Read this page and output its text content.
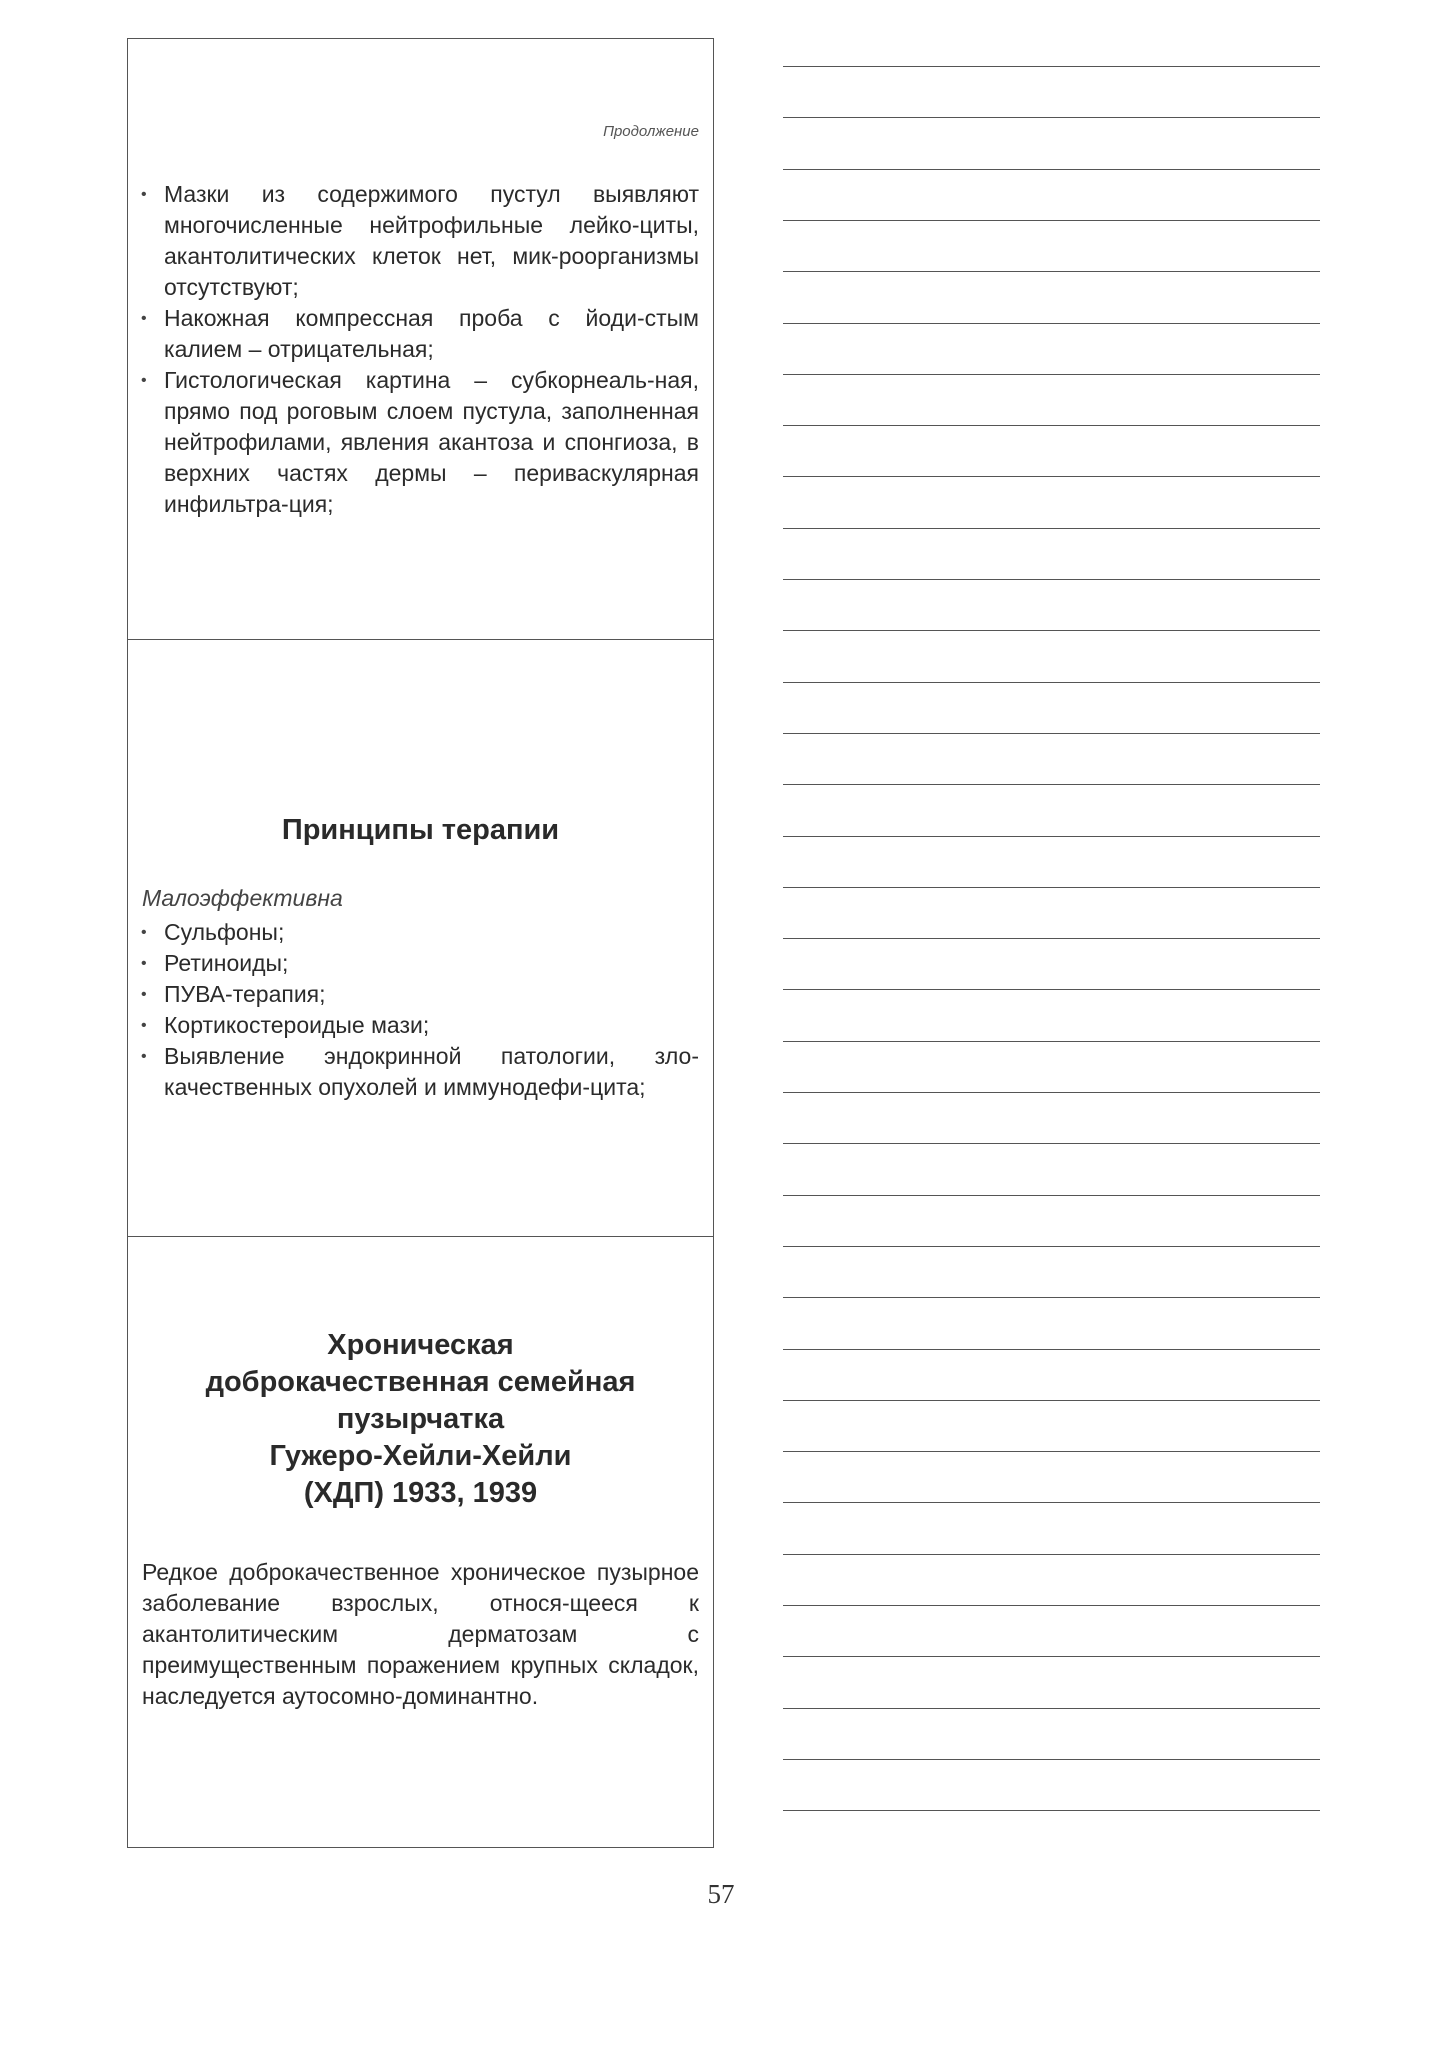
Продолжение
• Мазки из содержимого пустул выявляют многочисленные нейтрофильные лейко-циты, акантолитических клеток нет, мик-роорганизмы отсутствуют;
• Накожная компрессная проба с йоди-стым калием – отрицательная;
• Гистологическая картина – субкорнеаль-ная, прямо под роговым слоем пустула, заполненная нейтрофилами, явления акантоза и спонгиоза, в верхних частях дермы – периваскулярная инфильтра-ция;
Принципы терапии
Малоэффективна
• Сульфоны;
• Ретиноиды;
• ПУВА-терапия;
• Кортикостероидые мази;
• Выявление эндокринной патологии, зло-качественных опухолей и иммунодефи-цита;
Хроническая
доброкачественная семейная
пузырчатка
Гужеро-Хейли-Хейли
(ХДП) 1933, 1939
Редкое доброкачественное хроническое пузырное заболевание взрослых, относя-щееся к акантолитическим дерматозам с преимущественным поражением крупных складок, наследуется аутосомно-доминантно.
57
